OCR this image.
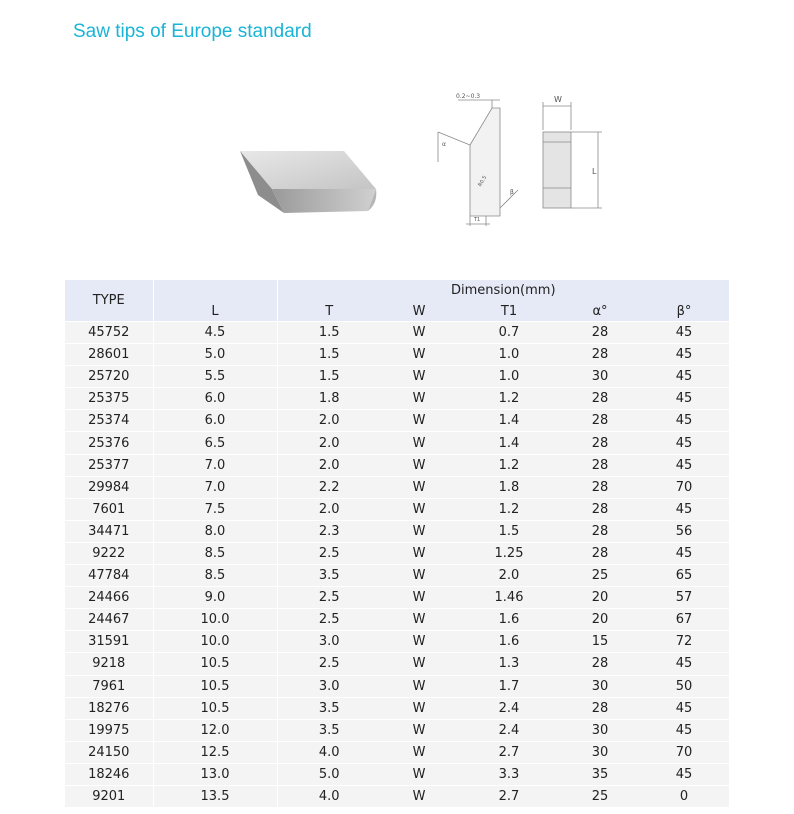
Saw tips of Europe standard
0.2~0.3	W
L
α
β
T1
R0.5
TYPE		Dimension(mm)				
	L	T	W	T1	α°	β°
45752	4.5	1.5	W	0.7	28	45
28601	5.0	1.5	W	1.0	28	45
25720	5.5	1.5	W	1.0	30	45
25375	6.0	1.8	W	1.2	28	45
25374	6.0	2.0	W	1.4	28	45
25376	6.5	2.0	W	1.4	28	45
25377	7.0	2.0	W	1.2	28	45
29984	7.0	2.2	W	1.8	28	70
7601	7.5	2.0	W	1.2	28	45
34471	8.0	2.3	W	1.5	28	56
9222	8.5	2.5	W	1.25	28	45
47784	8.5	3.5	W	2.0	25	65
24466	9.0	2.5	W	1.46	20	57
24467	10.0	2.5	W	1.6	20	67
31591	10.0	3.0	W	1.6	15	72
9218	10.5	2.5	W	1.3	28	45
7961	10.5	3.0	W	1.7	30	50
18276	10.5	3.5	W	2.4	28	45
19975	12.0	3.5	W	2.4	30	45
24150	12.5	4.0	W	2.7	30	70
18246	13.0	5.0	W	3.3	35	45
9201	13.5	4.0	W	2.7	25	0
